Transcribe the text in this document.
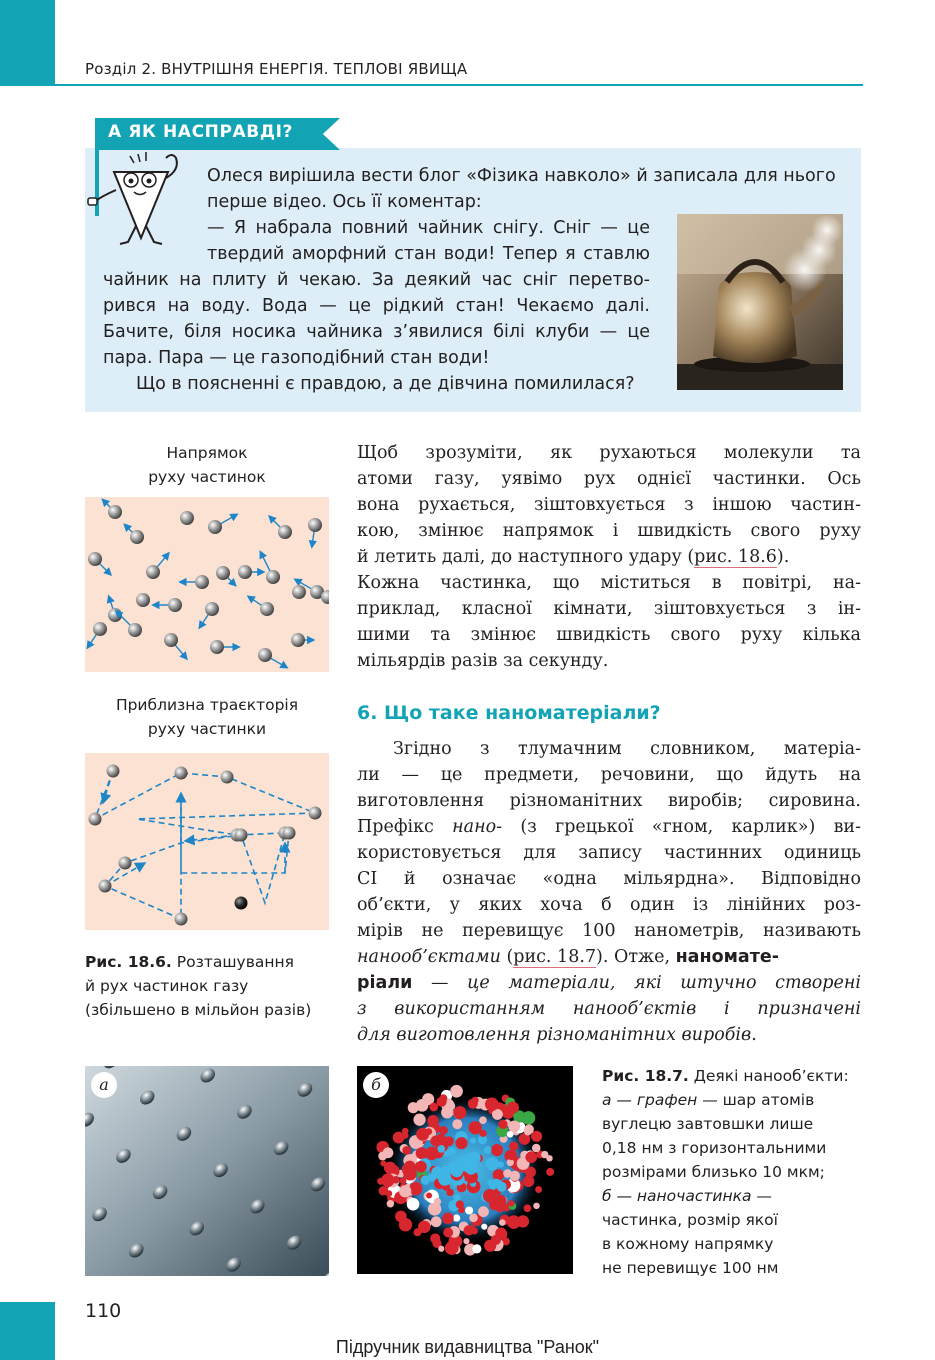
Розділ 2. ВНУТРІШНЯ ЕНЕРГІЯ. ТЕПЛОВІ ЯВИЩА
А ЯК НАСПРАВДІ?
Олеся вирішила вести блог «Фізика навколо» й записала для нього
перше відео. Ось її коментар:
— Я набрала повний чайник снігу. Сніг — це
твердий аморфний стан води! Тепер я ставлю
чайник на плиту й чекаю. За деякий час сніг перетво-
рився на воду. Вода — це рідкий стан! Чекаємо далі.
Бачите, біля носика чайника з’явилися білі клуби — це
пара. Пара — це газоподібний стан води!
Що в поясненні є правдою, а де дівчина помилилася?
Напрямок
руху частинок
Приблизна траєкторія
руху частинки
Рис. 18.6. Розташування
й рух частинок газу
(збільшено в мільйон разів)
Щоб зрозуміти, як рухаються молекули та
атоми газу, уявімо рух однієї частинки. Ось
вона рухається, зіштовхується з іншою частин-
кою, змінює напрямок і швидкість свого руху
й летить далі, до наступного удару (рис. 18.6).
Кожна частинка, що міститься в повітрі, на-
приклад, класної кімнати, зіштовхується з ін-
шими та змінює швидкість свого руху кілька
мільярдів разів за секунду.
6. Що таке наноматеріали?
Згідно з тлумачним словником, матеріа-
ли — це предмети, речовини, що йдуть на
виготовлення різноманітних виробів; сировина.
Префікс нано- (з грецької «гном, карлик») ви-
користовується для запису частинних одиниць
СІ й означає «одна мільярдна». Відповідно
об’єкти, у яких хоча б один із лінійних роз-
мірів не перевищує 100 нанометрів, називають
нанооб’єктами (рис. 18.7). Отже, наномате-
ріали — це матеріали, які штучно створені
з використанням нанооб’єктів і призначені
для виготовлення різноманітних виробів.
а	б	Рис. 18.7. Деякі нанооб’єкти:
а — графен — шар атомів
вуглецю завтовшки лише
0,18 нм з горизонтальними
розмірами близько 10 мкм;
б — наночастинка —
частинка, розмір якої
в кожному напрямку
не перевищує 100 нм
110
Підручник видавництва "Ранок"
